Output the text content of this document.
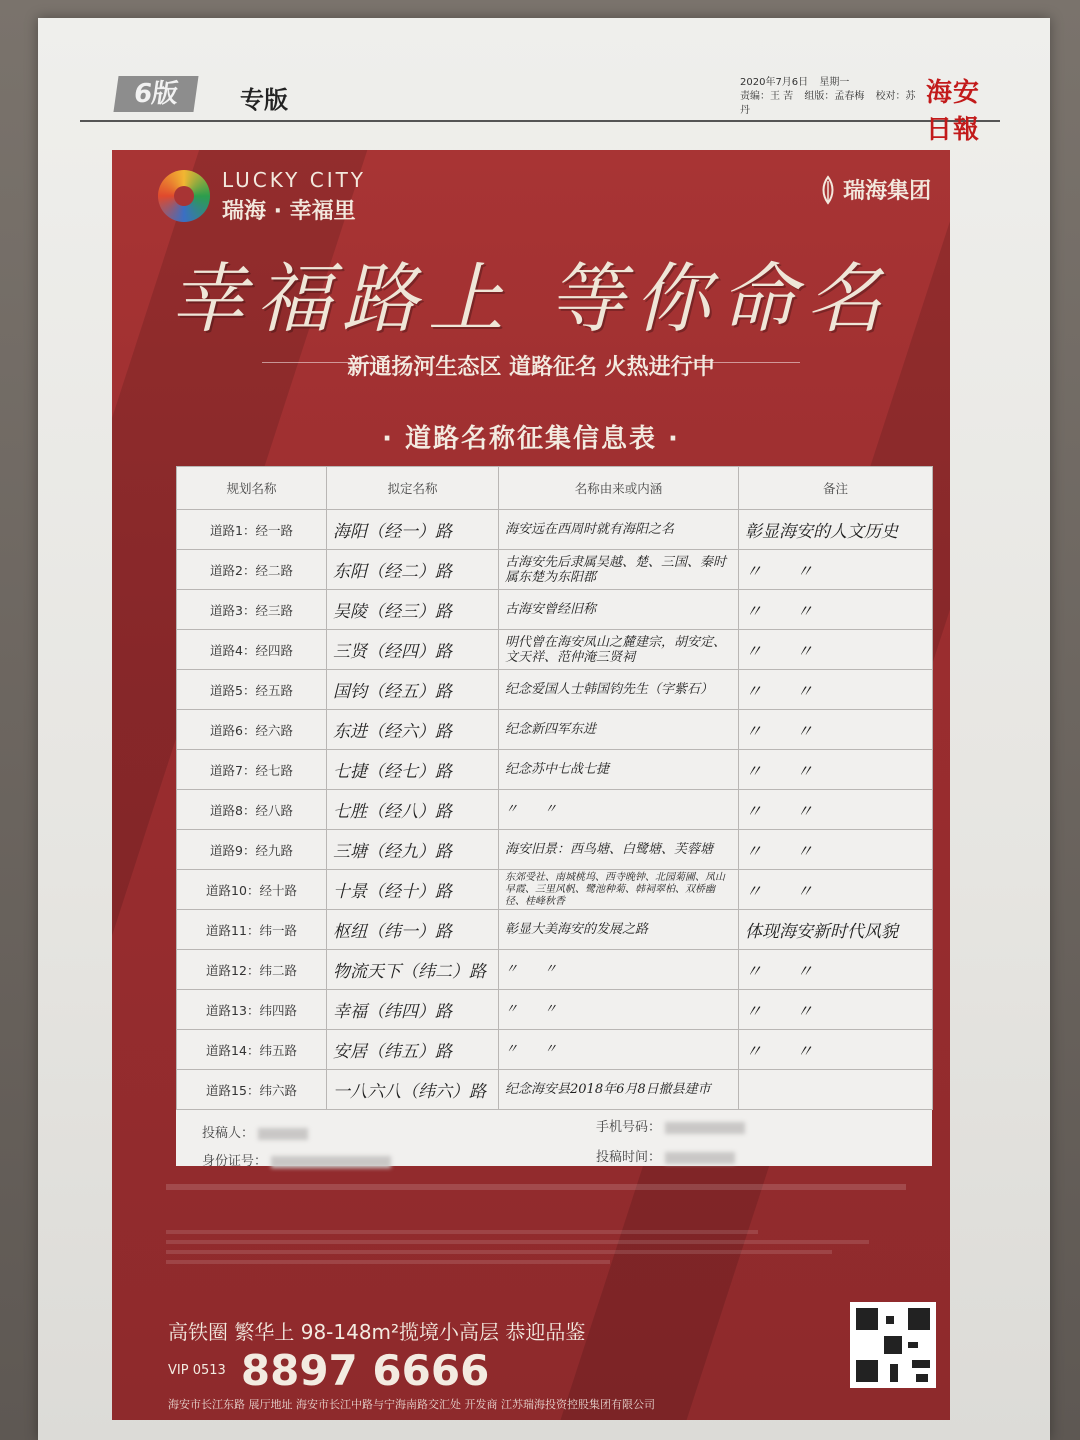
6版	专版
2020年7月6日 星期一
责编：王 苦 组版：孟春梅 校对：苏 丹
海安日報
LUCKY CITY
瑞海 · 幸福里
瑞海集团
幸福路上 等你命名
新通扬河生态区 道路征名 火热进行中
· 道路名称征集信息表 ·
规划名称	拟定名称	名称由来或内涵	备注
道路1：经一路	海阳（经一）路	海安远在西周时就有海阳之名	彰显海安的人文历史
道路2：经二路	东阳（经二）路	古海安先后隶属吴越、楚、三国、秦时属东楚为东阳郡	〃　　〃
道路3：经三路	吴陵（经三）路	古海安曾经旧称	〃　　〃
道路4：经四路	三贤（经四）路	明代曾在海安凤山之麓建宗，胡安定、文天祥、范仲淹三贤祠	〃　　〃
道路5：经五路	国钧（经五）路	纪念爱国人士韩国钧先生（字紫石）	〃　　〃
道路6：经六路	东进（经六）路	纪念新四军东进	〃　　〃
道路7：经七路	七捷（经七）路	纪念苏中七战七捷	〃　　〃
道路8：经八路	七胜（经八）路	〃　　〃	〃　　〃
道路9：经九路	三塘（经九）路	海安旧景：西鸟塘、白鹭塘、芙蓉塘	〃　　〃
道路10：经十路	十景（经十）路	东郊受社、南城桃坞、西寺晚钟、北园菊圃、凤山早霞、三里风帆、鹭池种菊、韩祠翠柏、双桥幽径、桂峰秋香	〃　　〃
道路11：纬一路	枢纽（纬一）路	彰显大美海安的发展之路	体现海安新时代风貌
道路12：纬二路	物流天下（纬二）路	〃　　〃	〃　　〃
道路13：纬四路	幸福（纬四）路	〃　　〃	〃　　〃
道路14：纬五路	安居（纬五）路	〃　　〃	〃　　〃
道路15：纬六路	一八六八（纬六）路	纪念海安县2018年6月8日撤县建市	
投稿人：	手机号码：
身份证号：	投稿时间：
高铁圈 繁华上 98-148m²揽境小高层 恭迎品鉴
VIP 0513 8897 6666
海安市长江东路 展厅地址 海安市长江中路与宁海南路交汇处 开发商 江苏瑞海投资控股集团有限公司
